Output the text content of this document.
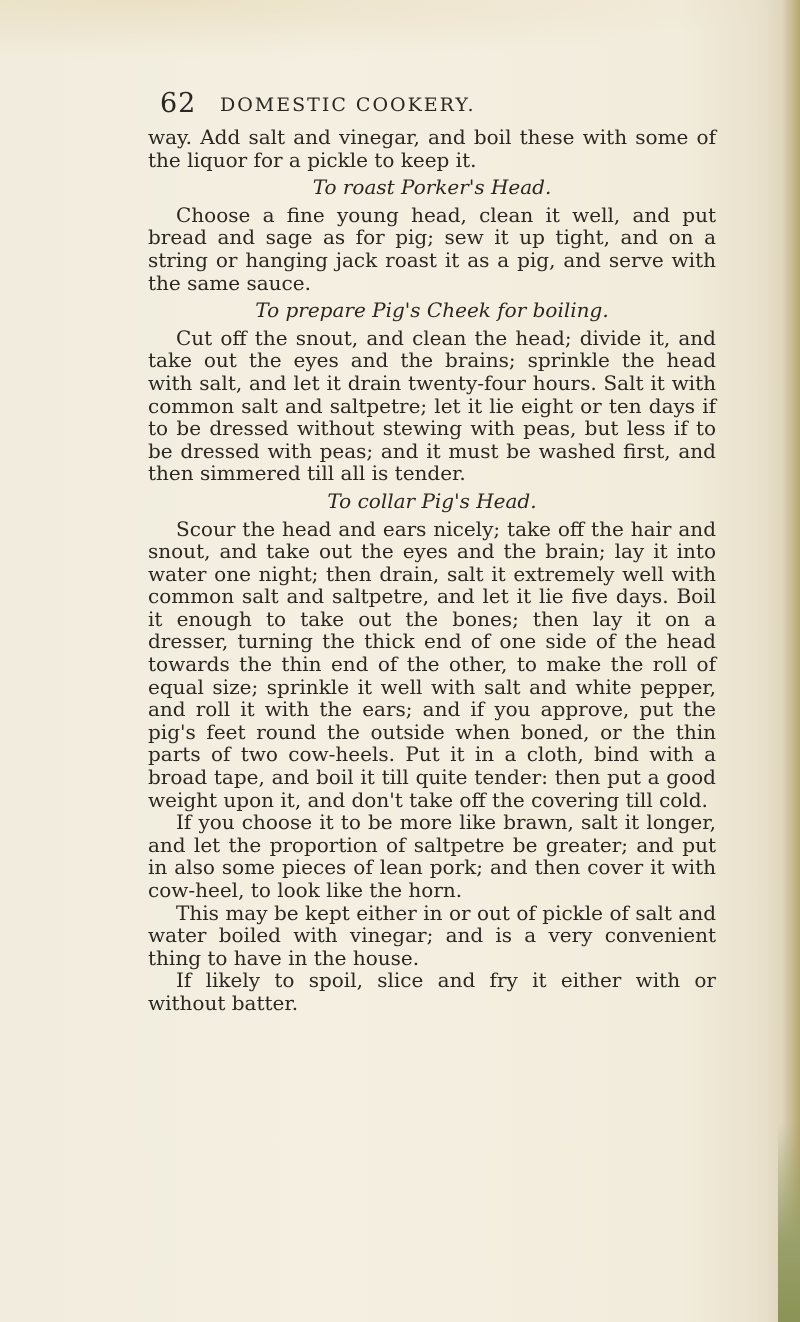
62 DOMESTIC COOKERY.

way. Add salt and vinegar, and boil these with some of the liquor for a pickle to keep it.

To roast Porker's Head.

Choose a fine young head, clean it well, and put bread and sage as for pig; sew it up tight, and on a string or hanging jack roast it as a pig, and serve with the same sauce.

To prepare Pig's Cheek for boiling.

Cut off the snout, and clean the head; divide it, and take out the eyes and the brains; sprinkle the head with salt, and let it drain twenty-four hours. Salt it with common salt and saltpetre; let it lie eight or ten days if to be dressed without stewing with peas, but less if to be dressed with peas; and it must be washed first, and then simmered till all is tender.

To collar Pig's Head.

Scour the head and ears nicely; take off the hair and snout, and take out the eyes and the brain; lay it into water one night; then drain, salt it extremely well with common salt and saltpetre, and let it lie five days. Boil it enough to take out the bones; then lay it on a dresser, turning the thick end of one side of the head towards the thin end of the other, to make the roll of equal size; sprinkle it well with salt and white pepper, and roll it with the ears; and if you approve, put the pig's feet round the outside when boned, or the thin parts of two cow-heels. Put it in a cloth, bind with a broad tape, and boil it till quite tender: then put a good weight upon it, and don't take off the covering till cold.

If you choose it to be more like brawn, salt it longer, and let the proportion of saltpetre be greater; and put in also some pieces of lean pork; and then cover it with cow-heel, to look like the horn.

This may be kept either in or out of pickle of salt and water boiled with vinegar; and is a very convenient thing to have in the house.

If likely to spoil, slice and fry it either with or without batter.
